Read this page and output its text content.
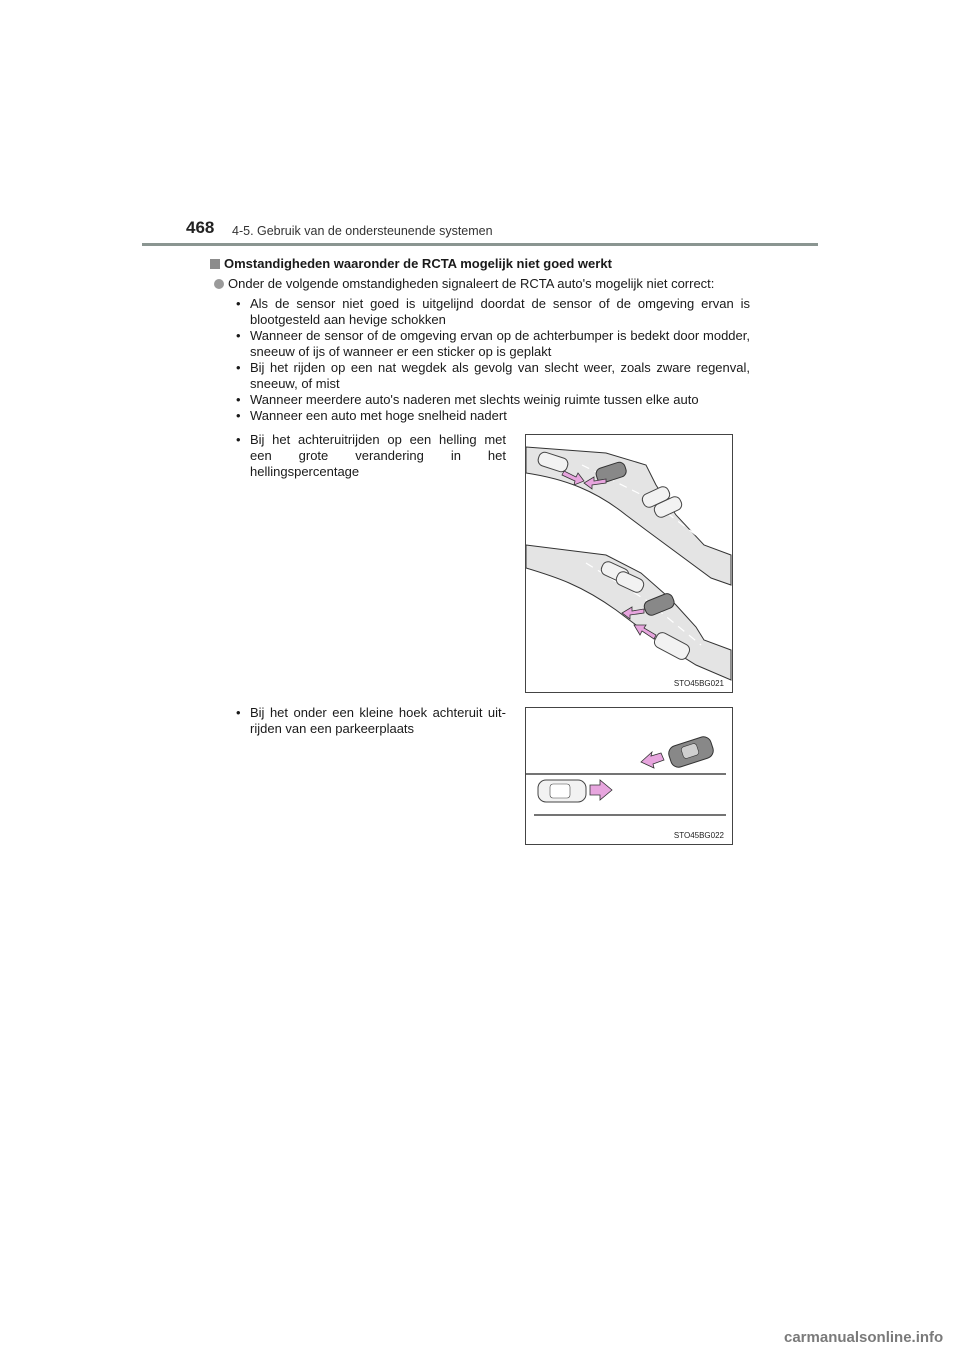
468 4-5. Gebruik van de ondersteunende systemen
Omstandigheden waaronder de RCTA mogelijk niet goed werkt
Onder de volgende omstandigheden signaleert de RCTA auto's mogelijk niet correct:
• Als de sensor niet goed is uitgelijnd doordat de sensor of de omgeving ervan is blootgesteld aan hevige schokken
• Wanneer de sensor of de omgeving ervan op de achterbumper is bedekt door modder, sneeuw of ijs of wanneer er een sticker op is geplakt
• Bij het rijden op een nat wegdek als gevolg van slecht weer, zoals zware regenval, sneeuw, of mist
• Wanneer meerdere auto's naderen met slechts weinig ruimte tussen elke auto
• Wanneer een auto met hoge snelheid nadert
• Bij het achteruitrijden op een helling met een grote verandering in het hellingspercentage
STO45BG021
• Bij het onder een kleine hoek achteruit uit-rijden van een parkeerplaats
STO45BG022
carmanualsonline.info
